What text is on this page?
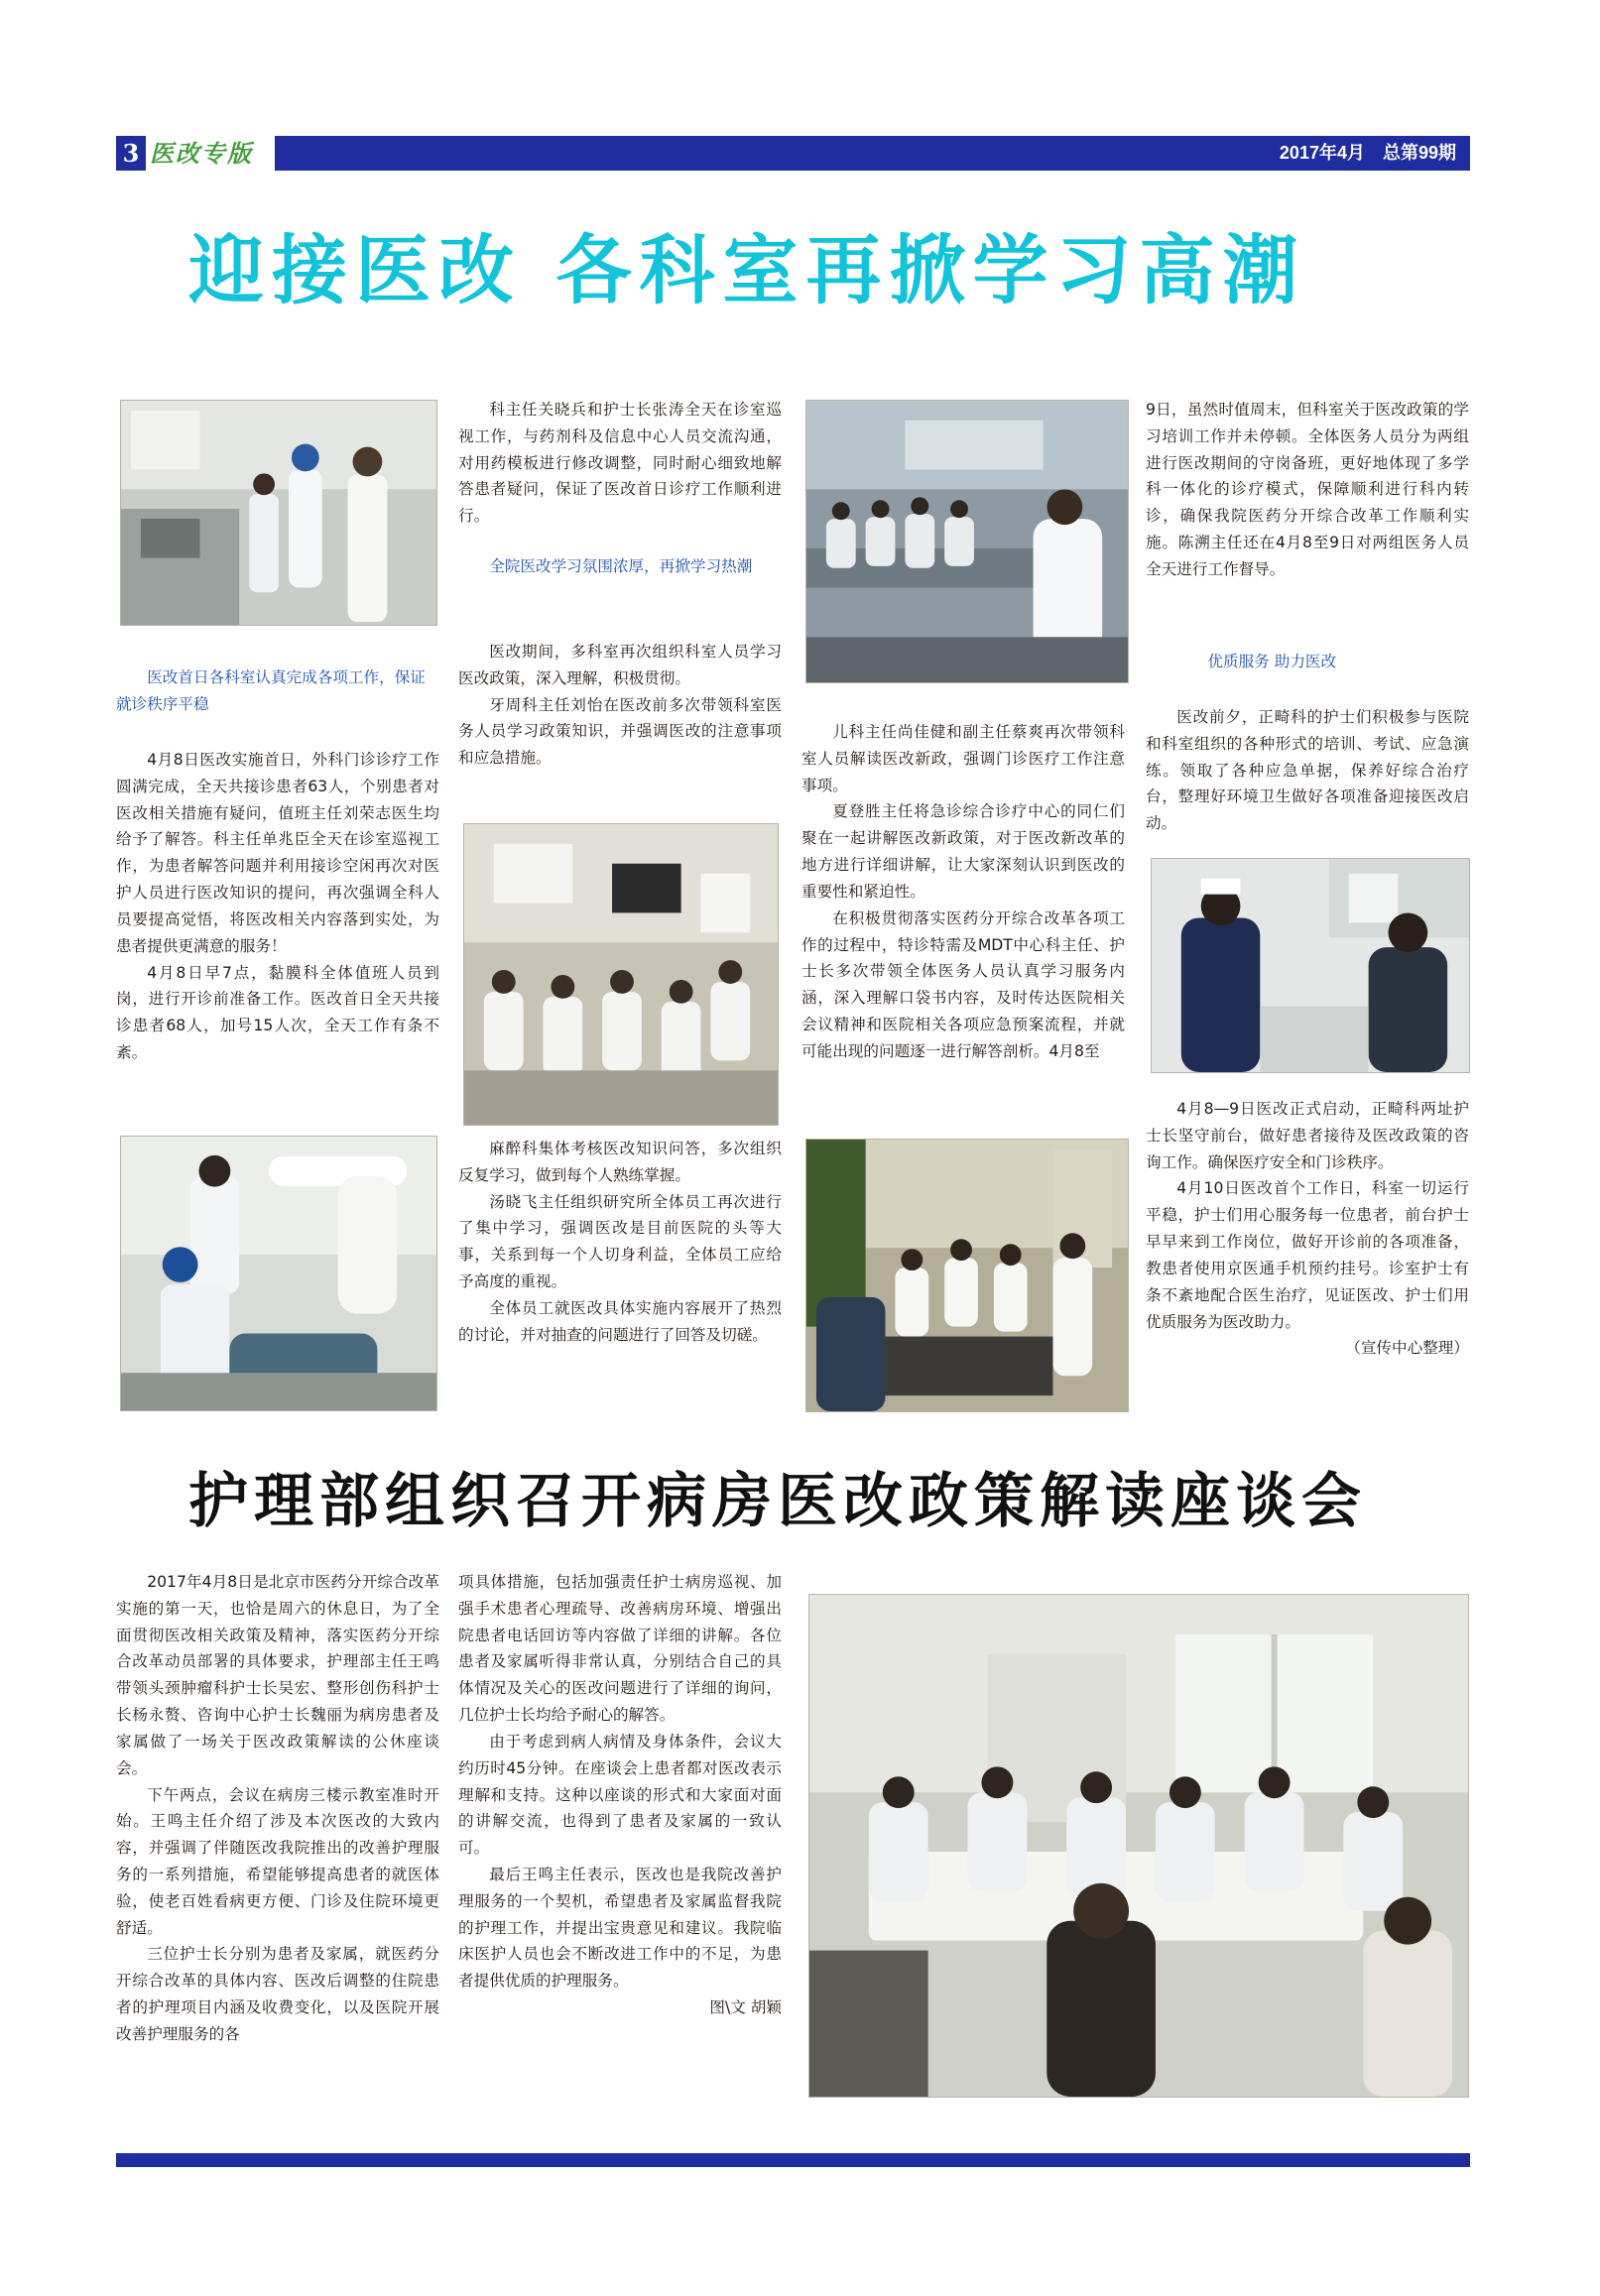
3 医改专版	2017年4月　总第99期
迎接医改 各科室再掀学习高潮
医改首日各科室认真完成各项工作，保证就诊秩序平稳

4月8日医改实施首日，外科门诊诊疗工作圆满完成，全天共接诊患者63人，个别患者对医改相关措施有疑问，值班主任刘荣志医生均给予了解答。科主任单兆臣全天在诊室巡视工作，为患者解答问题并利用接诊空闲再次对医护人员进行医改知识的提问，再次强调全科人员要提高觉悟，将医改相关内容落到实处，为患者提供更满意的服务！

4月8日早7点，黏膜科全体值班人员到岗，进行开诊前准备工作。医改首日全天共接诊患者68人，加号15人次，全天工作有条不紊。

科主任关晓兵和护士长张涛全天在诊室巡视工作，与药剂科及信息中心人员交流沟通，对用药模板进行修改调整，同时耐心细致地解答患者疑问，保证了医改首日诊疗工作顺利进行。

全院医改学习氛围浓厚，再掀学习热潮

医改期间，多科室再次组织科室人员学习医改政策，深入理解，积极贯彻。

牙周科主任刘怡在医改前多次带领科室医务人员学习政策知识，并强调医改的注意事项和应急措施。

麻醉科集体考核医改知识问答，多次组织反复学习，做到每个人熟练掌握。

汤晓飞主任组织研究所全体员工再次进行了集中学习，强调医改是目前医院的头等大事，关系到每一个人切身利益，全体员工应给予高度的重视。

全体员工就医改具体实施内容展开了热烈的讨论，并对抽查的问题进行了回答及切磋。

儿科主任尚佳健和副主任蔡爽再次带领科室人员解读医改新政，强调门诊医疗工作注意事项。

夏登胜主任将急诊综合诊疗中心的同仁们聚在一起讲解医改新政策，对于医改新改革的地方进行详细讲解，让大家深刻认识到医改的重要性和紧迫性。

在积极贯彻落实医药分开综合改革各项工作的过程中，特诊特需及MDT中心科主任、护士长多次带领全体医务人员认真学习服务内涵，深入理解口袋书内容，及时传达医院相关会议精神和医院相关各项应急预案流程，并就可能出现的问题逐一进行解答剖析。4月8至

9日，虽然时值周末，但科室关于医改政策的学习培训工作并未停顿。全体医务人员分为两组进行医改期间的守岗备班，更好地体现了多学科一体化的诊疗模式，保障顺利进行科内转诊，确保我院医药分开综合改革工作顺利实施。陈溯主任还在4月8至9日对两组医务人员全天进行工作督导。

优质服务 助力医改

医改前夕，正畸科的护士们积极参与医院和科室组织的各种形式的培训、考试、应急演练。领取了各种应急单据，保养好综合治疗台，整理好环境卫生做好各项准备迎接医改启动。

4月8—9日医改正式启动，正畸科两址护士长坚守前台，做好患者接待及医改政策的咨询工作。确保医疗安全和门诊秩序。

4月10日医改首个工作日，科室一切运行平稳，护士们用心服务每一位患者，前台护士早早来到工作岗位，做好开诊前的各项准备，教患者使用京医通手机预约挂号。诊室护士有条不紊地配合医生治疗，见证医改、护士们用优质服务为医改助力。

（宣传中心整理）

护理部组织召开病房医改政策解读座谈会

2017年4月8日是北京市医药分开综合改革实施的第一天，也恰是周六的休息日，为了全面贯彻医改相关政策及精神，落实医药分开综合改革动员部署的具体要求，护理部主任王鸣带领头颈肿瘤科护士长吴宏、整形创伤科护士长杨永赘、咨询中心护士长魏丽为病房患者及家属做了一场关于医改政策解读的公休座谈会。

下午两点，会议在病房三楼示教室准时开始。王鸣主任介绍了涉及本次医改的大致内容，并强调了伴随医改我院推出的改善护理服务的一系列措施，希望能够提高患者的就医体验，使老百姓看病更方便、门诊及住院环境更舒适。

三位护士长分别为患者及家属，就医药分开综合改革的具体内容、医改后调整的住院患者的护理项目内涵及收费变化，以及医院开展改善护理服务的各

项具体措施，包括加强责任护士病房巡视、加强手术患者心理疏导、改善病房环境、增强出院患者电话回访等内容做了详细的讲解。各位患者及家属听得非常认真，分别结合自己的具体情况及关心的医改问题进行了详细的询问，几位护士长均给予耐心的解答。

由于考虑到病人病情及身体条件，会议大约历时45分钟。在座谈会上患者都对医改表示理解和支持。这种以座谈的形式和大家面对面的讲解交流，也得到了患者及家属的一致认可。

最后王鸣主任表示，医改也是我院改善护理服务的一个契机，希望患者及家属监督我院的护理工作，并提出宝贵意见和建议。我院临床医护人员也会不断改进工作中的不足，为患者提供优质的护理服务。

图\文 胡颖
